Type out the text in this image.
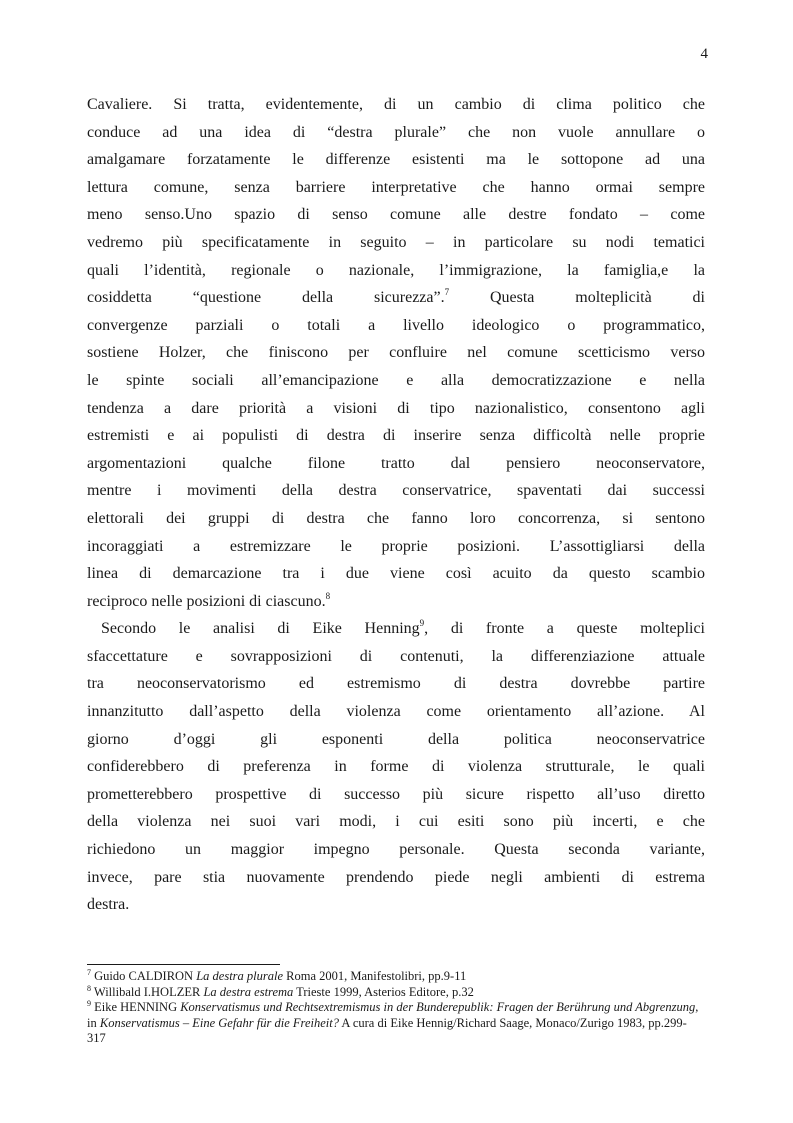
4
Cavaliere. Si tratta, evidentemente, di un cambio di clima politico che
conduce ad una idea di “destra plurale” che non vuole annullare o
amalgamare forzatamente le differenze esistenti ma le sottopone ad una
lettura comune, senza barriere interpretative che hanno ormai sempre
meno senso.Uno spazio di senso comune alle destre fondato – come
vedremo più specificatamente in seguito – in particolare su nodi tematici
quali l’identità, regionale o nazionale, l’immigrazione, la famiglia,e la
cosiddetta “questione della sicurezza”.$^7$ Questa molteplicità di
convergenze parziali o totali a livello ideologico o programmatico,
sostiene Holzer, che finiscono per confluire nel comune scetticismo verso
le spinte sociali all’emancipazione e alla democratizzazione e nella
tendenza a dare priorità a visioni di tipo nazionalistico, consentono agli
estremisti e ai populisti di destra di inserire senza difficoltà nelle proprie
argomentazioni qualche filone tratto dal pensiero neoconservatore,
mentre i movimenti della destra conservatrice, spaventati dai successi
elettorali dei gruppi di destra che fanno loro concorrenza, si sentono
incoraggiati a estremizzare le proprie posizioni. L’assottigliarsi della
linea di demarcazione tra i due viene così acuito da questo scambio
reciproco nelle posizioni di ciascuno.$^8$
Secondo le analisi di Eike Henning$^9$, di fronte a queste molteplici
sfaccettature e sovrapposizioni di contenuti, la differenziazione attuale
tra neoconservatorismo ed estremismo di destra dovrebbe partire
innanzitutto dall’aspetto della violenza come orientamento all’azione. Al
giorno d’oggi gli esponenti della politica neoconservatrice
confiderebbero di preferenza in forme di violenza strutturale, le quali
prometterebbero prospettive di successo più sicure rispetto all’uso diretto
della violenza nei suoi vari modi, i cui esiti sono più incerti, e che
richiedono un maggior impegno personale. Questa seconda variante,
invece, pare stia nuovamente prendendo piede negli ambienti di estrema
destra.
$^7$ Guido CALDIRON La destra plurale Roma 2001, Manifestolibri, pp.9-11
$^8$ Willibald I.HOLZER La destra estrema Trieste 1999, Asterios Editore, p.32
$^9$ Eike HENNING Konservatismus und Rechtsextremismus in der Bunderepublik: Fragen der Berührung und Abgrenzung, in Konservatismus – Eine Gefahr für die Freiheit? A cura di Eike Hennig/Richard Saage, Monaco/Zurigo 1983, pp.299-317
